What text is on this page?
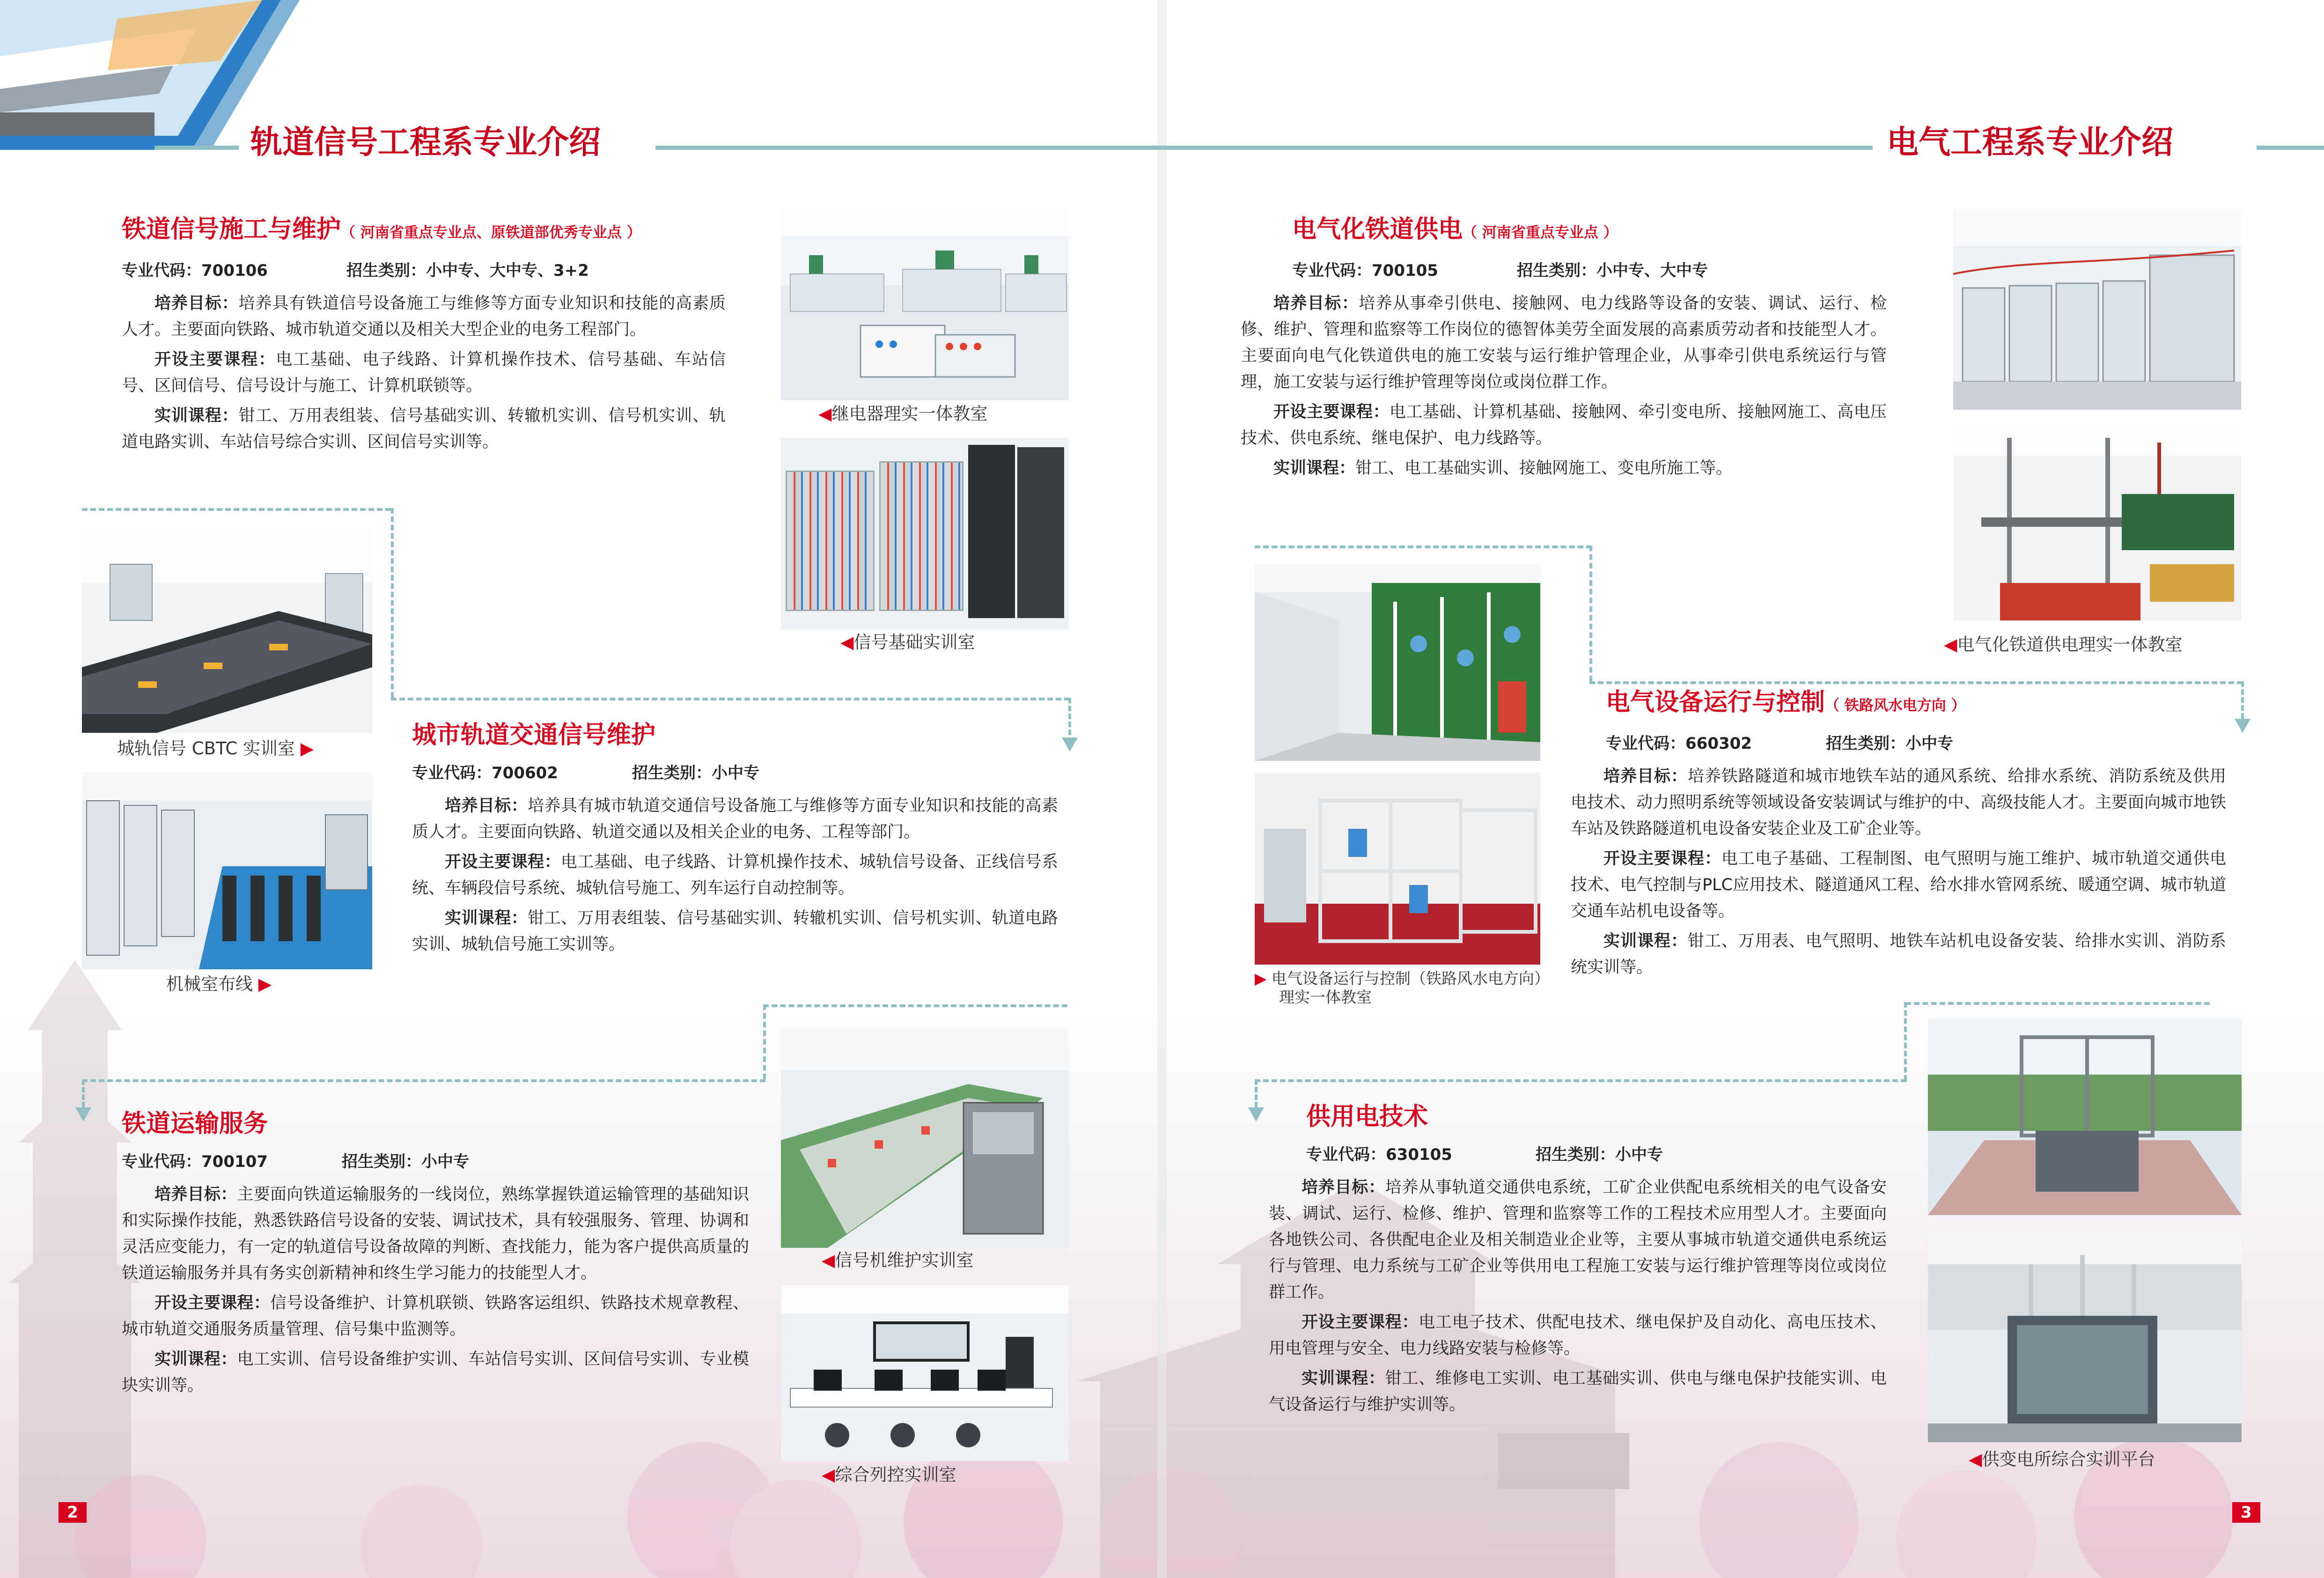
轨道信号工程系专业介绍	电气工程系专业介绍
铁道信号施工与维护（ 河南省重点专业点、原铁道部优秀专业点 ）
专业代码：700106	招生类别：小中专、大中专、3+2

培养目标：培养具有铁道信号设备施工与维修等方面专业知识和技能的高素质人才。主要面向铁路、城市轨道交通以及相关大型企业的电务工程部门。

开设主要课程：电工基础、电子线路、计算机操作技术、信号基础、车站信号、区间信号、信号设计与施工、计算机联锁等。

实训课程：钳工、万用表组装、信号基础实训、转辙机实训、信号机实训、轨道电路实训、车站信号综合实训、区间信号实训等。

城市轨道交通信号维护
专业代码：700602	招生类别：小中专

培养目标：培养具有城市轨道交通信号设备施工与维修等方面专业知识和技能的高素质人才。主要面向铁路、轨道交通以及相关企业的电务、工程等部门。

开设主要课程：电工基础、电子线路、计算机操作技术、城轨信号设备、正线信号系统、车辆段信号系统、城轨信号施工、列车运行自动控制等。

实训课程：钳工、万用表组装、信号基础实训、转辙机实训、信号机实训、轨道电路实训、城轨信号施工实训等。

铁道运输服务
专业代码：700107	招生类别：小中专

培养目标：主要面向铁道运输服务的一线岗位，熟练掌握铁道运输管理的基础知识和实际操作技能，熟悉铁路信号设备的安装、调试技术，具有较强服务、管理、协调和灵活应变能力，有一定的轨道信号设备故障的判断、查找能力，能为客户提供高质量的铁道运输服务并具有务实创新精神和终生学习能力的技能型人才。

开设主要课程：信号设备维护、计算机联锁、铁路客运组织、铁路技术规章教程、城市轨道交通服务质量管理、信号集中监测等。

实训课程：电工实训、信号设备维护实训、车站信号实训、区间信号实训、专业模块实训等。

◀继电器理实一体教室
◀信号基础实训室
城轨信号 CBTC 实训室 ▶
机械室布线 ▶
◀信号机维护实训室
◀综合列控实训室
2
电气化铁道供电（ 河南省重点专业点 ）
专业代码：700105	招生类别：小中专、大中专

培养目标：培养从事牵引供电、接触网、电力线路等设备的安装、调试、运行、检修、维护、管理和监察等工作岗位的德智体美劳全面发展的高素质劳动者和技能型人才。主要面向电气化铁道供电的施工安装与运行维护管理企业，从事牵引供电系统运行与管理，施工安装与运行维护管理等岗位或岗位群工作。

开设主要课程：电工基础、计算机基础、接触网、牵引变电所、接触网施工、高电压技术、供电系统、继电保护、电力线路等。

实训课程：钳工、电工基础实训、接触网施工、变电所施工等。

电气设备运行与控制（ 铁路风水电方向 ）
专业代码：660302	招生类别：小中专

培养目标：培养铁路隧道和城市地铁车站的通风系统、给排水系统、消防系统及供用电技术、动力照明系统等领域设备安装调试与维护的中、高级技能人才。主要面向城市地铁车站及铁路隧道机电设备安装企业及工矿企业等。

开设主要课程：电工电子基础、工程制图、电气照明与施工维护、城市轨道交通供电技术、电气控制与PLC应用技术、隧道通风工程、给水排水管网系统、暖通空调、城市轨道交通车站机电设备等。

实训课程：钳工、万用表、电气照明、地铁车站机电设备安装、给排水实训、消防系统实训等。

供用电技术
专业代码：630105	招生类别：小中专

培养目标：培养从事轨道交通供电系统，工矿企业供配电系统相关的电气设备安装、调试、运行、检修、维护、管理和监察等工作的工程技术应用型人才。主要面向各地铁公司、各供配电企业及相关制造业企业等，主要从事城市轨道交通供电系统运行与管理、电力系统与工矿企业等供用电工程施工安装与运行维护管理等岗位或岗位群工作。

开设主要课程：电工电子技术、供配电技术、继电保护及自动化、高电压技术、用电管理与安全、电力线路安装与检修等。

实训课程：钳工、维修电工实训、电工基础实训、供电与继电保护技能实训、电气设备运行与维护实训等。

◀电气化铁道供电理实一体教室
▶ 电气设备运行与控制（铁路风水电方向）
理实一体教室
◀供变电所综合实训平台
3
